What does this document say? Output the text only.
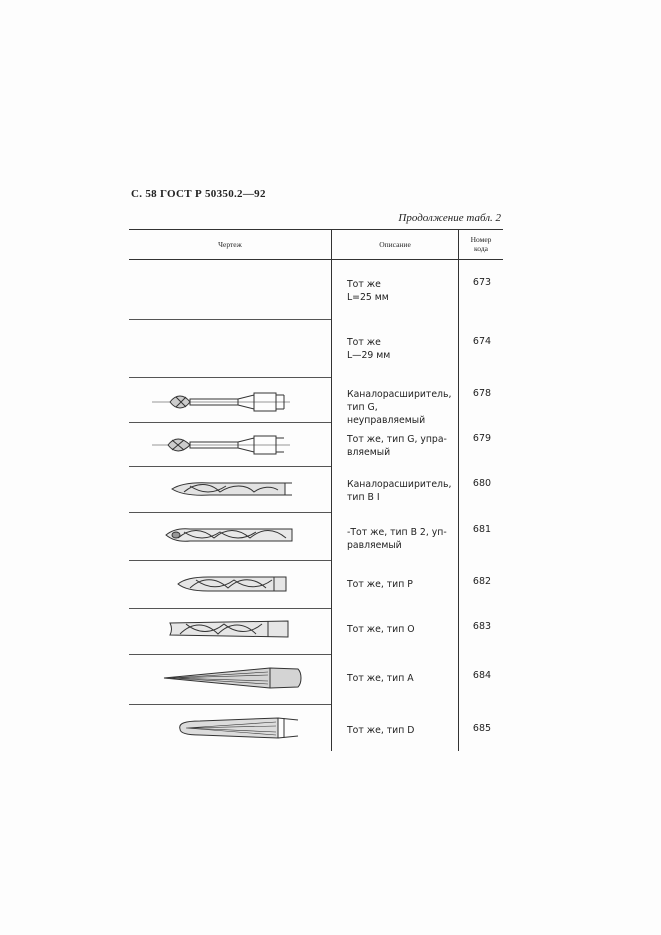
С. 58 ГОСТ Р 50350.2—92
Продолжение табл. 2
Чертеж	Описание
Номер
кода
Тот же
L=25 мм
Тот же
L—29 мм
Каналорасширитель,
тип G, неуправляемый
Тот же, тип G, упра-
вляемый
Каналорасширитель,
тип В I
-Тот же, тип В 2, уп-
равляемый
Тот же, тип Р
Тот же, тип О
Тот же, тип А
Тот же, тип D
673
674
678
679
680
681
682
683
684
685
